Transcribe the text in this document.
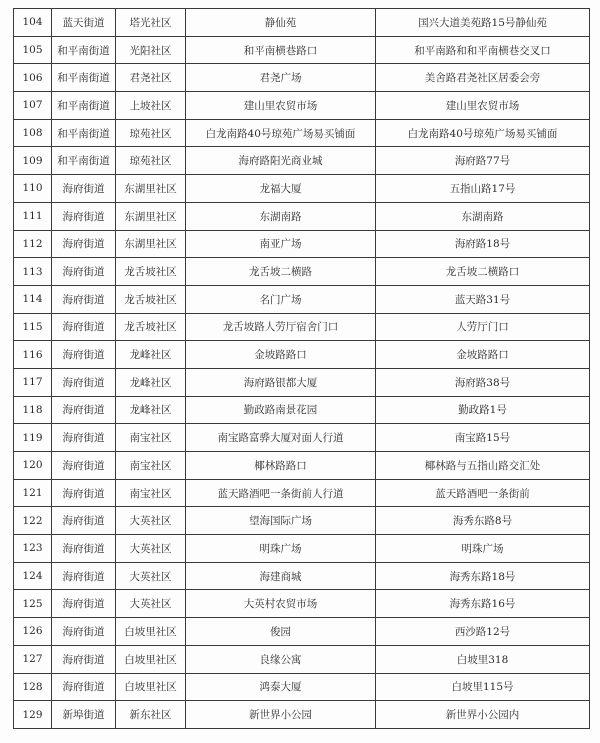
104	蓝天街道	塔光社区	静仙苑	国兴大道美苑路15号静仙苑
105	和平南街道	光阳社区	和平南横巷路口	和平南路和和平南横巷交叉口
106	和平南街道	君尧社区	君尧广场	美舍路君尧社区居委会旁
107	和平南街道	上坡社区	建山里农贸市场	建山里农贸市场
108	和平南街道	琼苑社区	白龙南路40号琼苑广场易买铺面	白龙南路40号琼苑广场易买铺面
109	和平南街道	琼苑社区	海府路阳光商业城	海府路77号
110	海府街道	东湖里社区	龙福大厦	五指山路17号
111	海府街道	东湖里社区	东湖南路	东湖南路
112	海府街道	东湖里社区	南亚广场	海府路18号
113	海府街道	龙舌坡社区	龙舌坡二横路	龙舌坡二横路口
114	海府街道	龙舌坡社区	名门广场	蓝天路31号
115	海府街道	龙舌坡社区	龙舌坡路人劳厅宿舍门口	人劳厅门口
116	海府街道	龙峰社区	金坡路路口	金坡路路口
117	海府街道	龙峰社区	海府路银都大厦	海府路38号
118	海府街道	龙峰社区	勤政路南景花园	勤政路1号
119	海府街道	南宝社区	南宝路富骅大厦对面人行道	南宝路15号
120	海府街道	南宝社区	椰林路路口	椰林路与五指山路交汇处
121	海府街道	南宝社区	蓝天路酒吧一条街前人行道	蓝天路酒吧一条街前
122	海府街道	大英社区	望海国际广场	海秀东路8号
123	海府街道	大英社区	明珠广场	明珠广场
124	海府街道	大英社区	海建商城	海秀东路18号
125	海府街道	大英社区	大英村农贸市场	海秀东路16号
126	海府街道	白坡里社区	俊园	西沙路12号
127	海府街道	白坡里社区	良缘公寓	白坡里318
128	海府街道	白坡里社区	鸿泰大厦	白坡里115号
129	新埠街道	新东社区	新世界小公园	新世界小公园内
